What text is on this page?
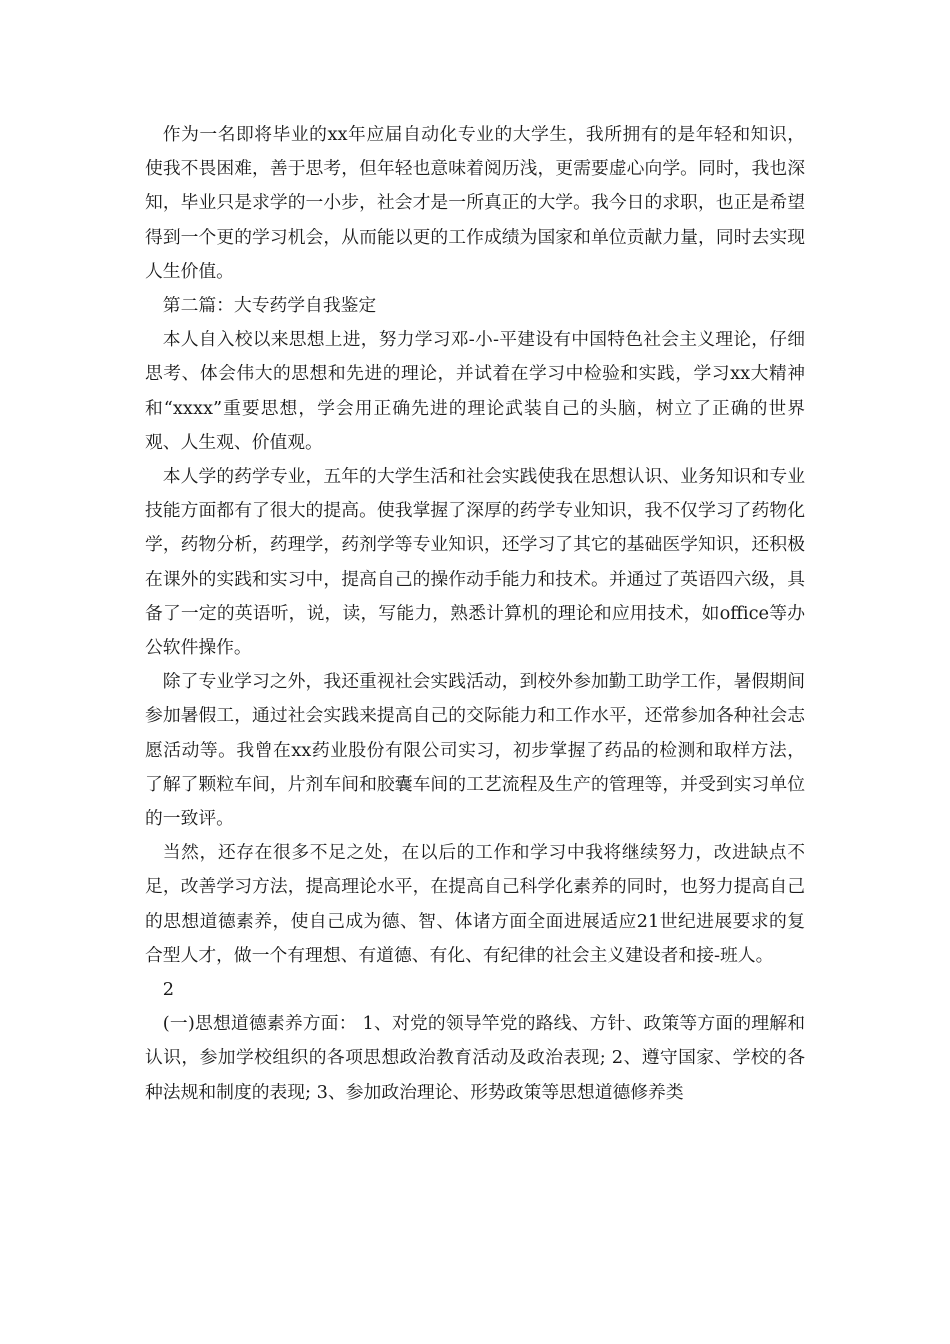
作为一名即将毕业的xx年应届自动化专业的大学生，我所拥有的是年轻和知识，使我不畏困难，善于思考，但年轻也意味着阅历浅，更需要虚心向学。同时，我也深知，毕业只是求学的一小步，社会才是一所真正的大学。我今日的求职，也正是希望得到一个更的学习机会，从而能以更的工作成绩为国家和单位贡献力量，同时去实现人生价值。

第二篇：大专药学自我鉴定

本人自入校以来思想上进，努力学习邓-小-平建设有中国特色社会主义理论，仔细思考、体会伟大的思想和先进的理论，并试着在学习中检验和实践，学习xx大精神和“xxxx”重要思想，学会用正确先进的理论武装自己的头脑，树立了正确的世界观、人生观、价值观。

本人学的药学专业，五年的大学生活和社会实践使我在思想认识、业务知识和专业技能方面都有了很大的提高。使我掌握了深厚的药学专业知识，我不仅学习了药物化学，药物分析，药理学，药剂学等专业知识，还学习了其它的基础医学知识，还积极在课外的实践和实习中，提高自己的操作动手能力和技术。并通过了英语四六级，具备了一定的英语听，说，读，写能力，熟悉计算机的理论和应用技术，如office等办公软件操作。

除了专业学习之外，我还重视社会实践活动，到校外参加勤工助学工作，暑假期间参加暑假工，通过社会实践来提高自己的交际能力和工作水平，还常参加各种社会志愿活动等。我曾在xx药业股份有限公司实习，初步掌握了药品的检测和取样方法，了解了颗粒车间，片剂车间和胶囊车间的工艺流程及生产的管理等，并受到实习单位的一致评。

当然，还存在很多不足之处，在以后的工作和学习中我将继续努力，改进缺点不足，改善学习方法，提高理论水平，在提高自己科学化素养的同时，也努力提高自己的思想道德素养，使自己成为德、智、体诸方面全面进展适应21世纪进展要求的复合型人才，做一个有理想、有道德、有化、有纪律的社会主义建设者和接-班人。

2

(一)思想道德素养方面： 1、对党的领导竿党的路线、方针、政策等方面的理解和认识，参加学校组织的各项思想政治教育活动及政治表现; 2、遵守国家、学校的各种法规和制度的表现; 3、参加政治理论、形势政策等思想道德修养类
